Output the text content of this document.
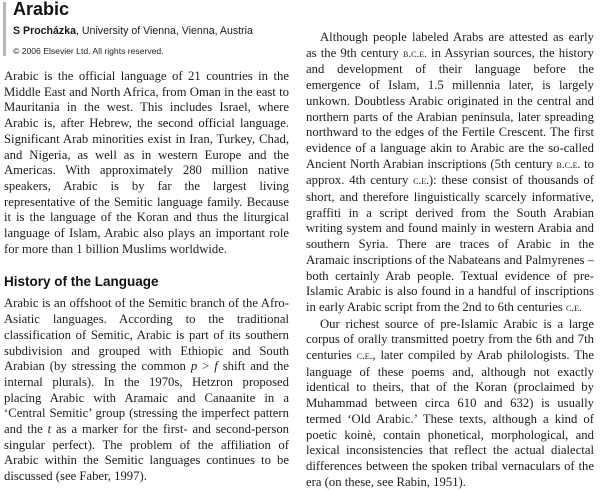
Arabic
S Procházka, University of Vienna, Vienna, Austria
© 2006 Elsevier Ltd. All rights reserved.

Arabic is the official language of 21 countries in the Middle East and North Africa, from Oman in the east to Mauritania in the west. This includes Israel, where Arabic is, after Hebrew, the second official language. Significant Arab minorities exist in Iran, Turkey, Chad, and Nigeria, as well as in western Europe and the Americas. With approximately 280 million native speakers, Arabic is by far the largest living representative of the Semitic language family. Because it is the language of the Koran and thus the liturgical language of Islam, Arabic also plays an important role for more than 1 billion Muslims worldwide.

History of the Language

Arabic is an offshoot of the Semitic branch of the Afro-Asiatic languages. According to the traditional classification of Semitic, Arabic is part of its southern subdivision and grouped with Ethiopic and South Arabian (by stressing the common p > f shift and the internal plurals). In the 1970s, Hetzron proposed placing Arabic with Aramaic and Canaanite in a ‘Central Semitic’ group (stressing the imperfect pattern and the t as a marker for the first- and second-person singular perfect). The problem of the affiliation of Arabic within the Semitic languages continues to be discussed (see Faber, 1997).

Although people labeled Arabs are attested as early as the 9th century b.c.e. in Assyrian sources, the history and development of their language before the emergence of Islam, 1.5 millennia later, is largely unkown. Doubtless Arabic originated in the central and northern parts of the Arabian peninsula, later spreading northward to the edges of the Fertile Crescent. The first evidence of a language akin to Arabic are the so-called Ancient North Arabian inscriptions (5th century b.c.e. to approx. 4th century c.e.): these consist of thousands of short, and therefore linguistically scarcely informative, graffiti in a script derived from the South Arabian writing system and found mainly in western Arabia and southern Syria. There are traces of Arabic in the Aramaic inscriptions of the Nabateans and Palmyrenes – both certainly Arab people. Textual evidence of pre-Islamic Arabic is also found in a handful of inscriptions in early Arabic script from the 2nd to 6th centuries c.e.

Our richest source of pre-Islamic Arabic is a large corpus of orally transmitted poetry from the 6th and 7th centuries c.e., later compiled by Arab philologists. The language of these poems and, although not exactly identical to theirs, that of the Koran (proclaimed by Muhammad between circa 610 and 632) is usually termed ‘Old Arabic.’ These texts, although a kind of poetic koinè, contain phonetical, morphological, and lexical inconsistencies that reflect the actual dialectal differences between the spoken tribal vernaculars of the era (on these, see Rabin, 1951).
